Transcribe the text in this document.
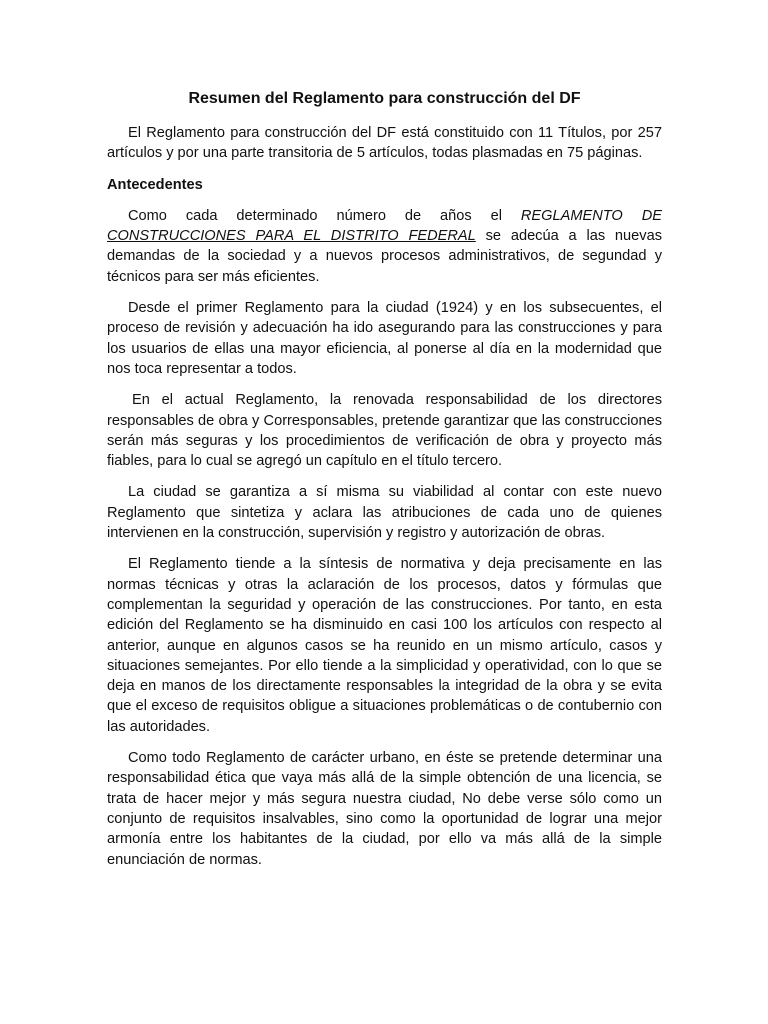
Resumen del Reglamento para construcción del DF

El Reglamento para construcción del DF está constituido con 11 Títulos, por 257 artículos y por una parte transitoria de 5 artículos, todas plasmadas en 75 páginas.

Antecedentes

Como cada determinado número de años el REGLAMENTO DE CONSTRUCCIONES PARA EL DISTRITO FEDERAL se adecúa a las nuevas demandas de la sociedad y a nuevos procesos administrativos, de segundad y técnicos para ser más eficientes.

Desde el primer Reglamento para la ciudad (1924) y en los subsecuentes, el proceso de revisión y adecuación ha ido asegurando para las construcciones y para los usuarios de ellas una mayor eficiencia, al ponerse al día en la modernidad que nos toca representar a todos.

En el actual Reglamento, la renovada responsabilidad de los directores responsables de obra y Corresponsables, pretende garantizar que las construcciones serán más seguras y los procedimientos de verificación de obra y proyecto más fiables, para lo cual se agregó un capítulo en el título tercero.

La ciudad se garantiza a sí misma su viabilidad al contar con este nuevo Reglamento que sintetiza y aclara las atribuciones de cada uno de quienes intervienen en la construcción, supervisión y registro y autorización de obras.

El Reglamento tiende a la síntesis de normativa y deja precisamente en las normas técnicas y otras la aclaración de los procesos, datos y fórmulas que complementan la seguridad y operación de las construcciones. Por tanto, en esta edición del Reglamento se ha disminuido en casi 100 los artículos con respecto al anterior, aunque en algunos casos se ha reunido en un mismo artículo, casos y situaciones semejantes. Por ello tiende a la simplicidad y operatividad, con lo que se deja en manos de los directamente responsables la integridad de la obra y se evita que el exceso de requisitos obligue a situaciones problemáticas o de contubernio con las autoridades.

Como todo Reglamento de carácter urbano, en éste se pretende determinar una responsabilidad ética que vaya más allá de la simple obtención de una licencia, se trata de hacer mejor y más segura nuestra ciudad, No debe verse sólo como un conjunto de requisitos insalvables, sino como la oportunidad de lograr una mejor armonía entre los habitantes de la ciudad, por ello va más allá de la simple enunciación de normas.
